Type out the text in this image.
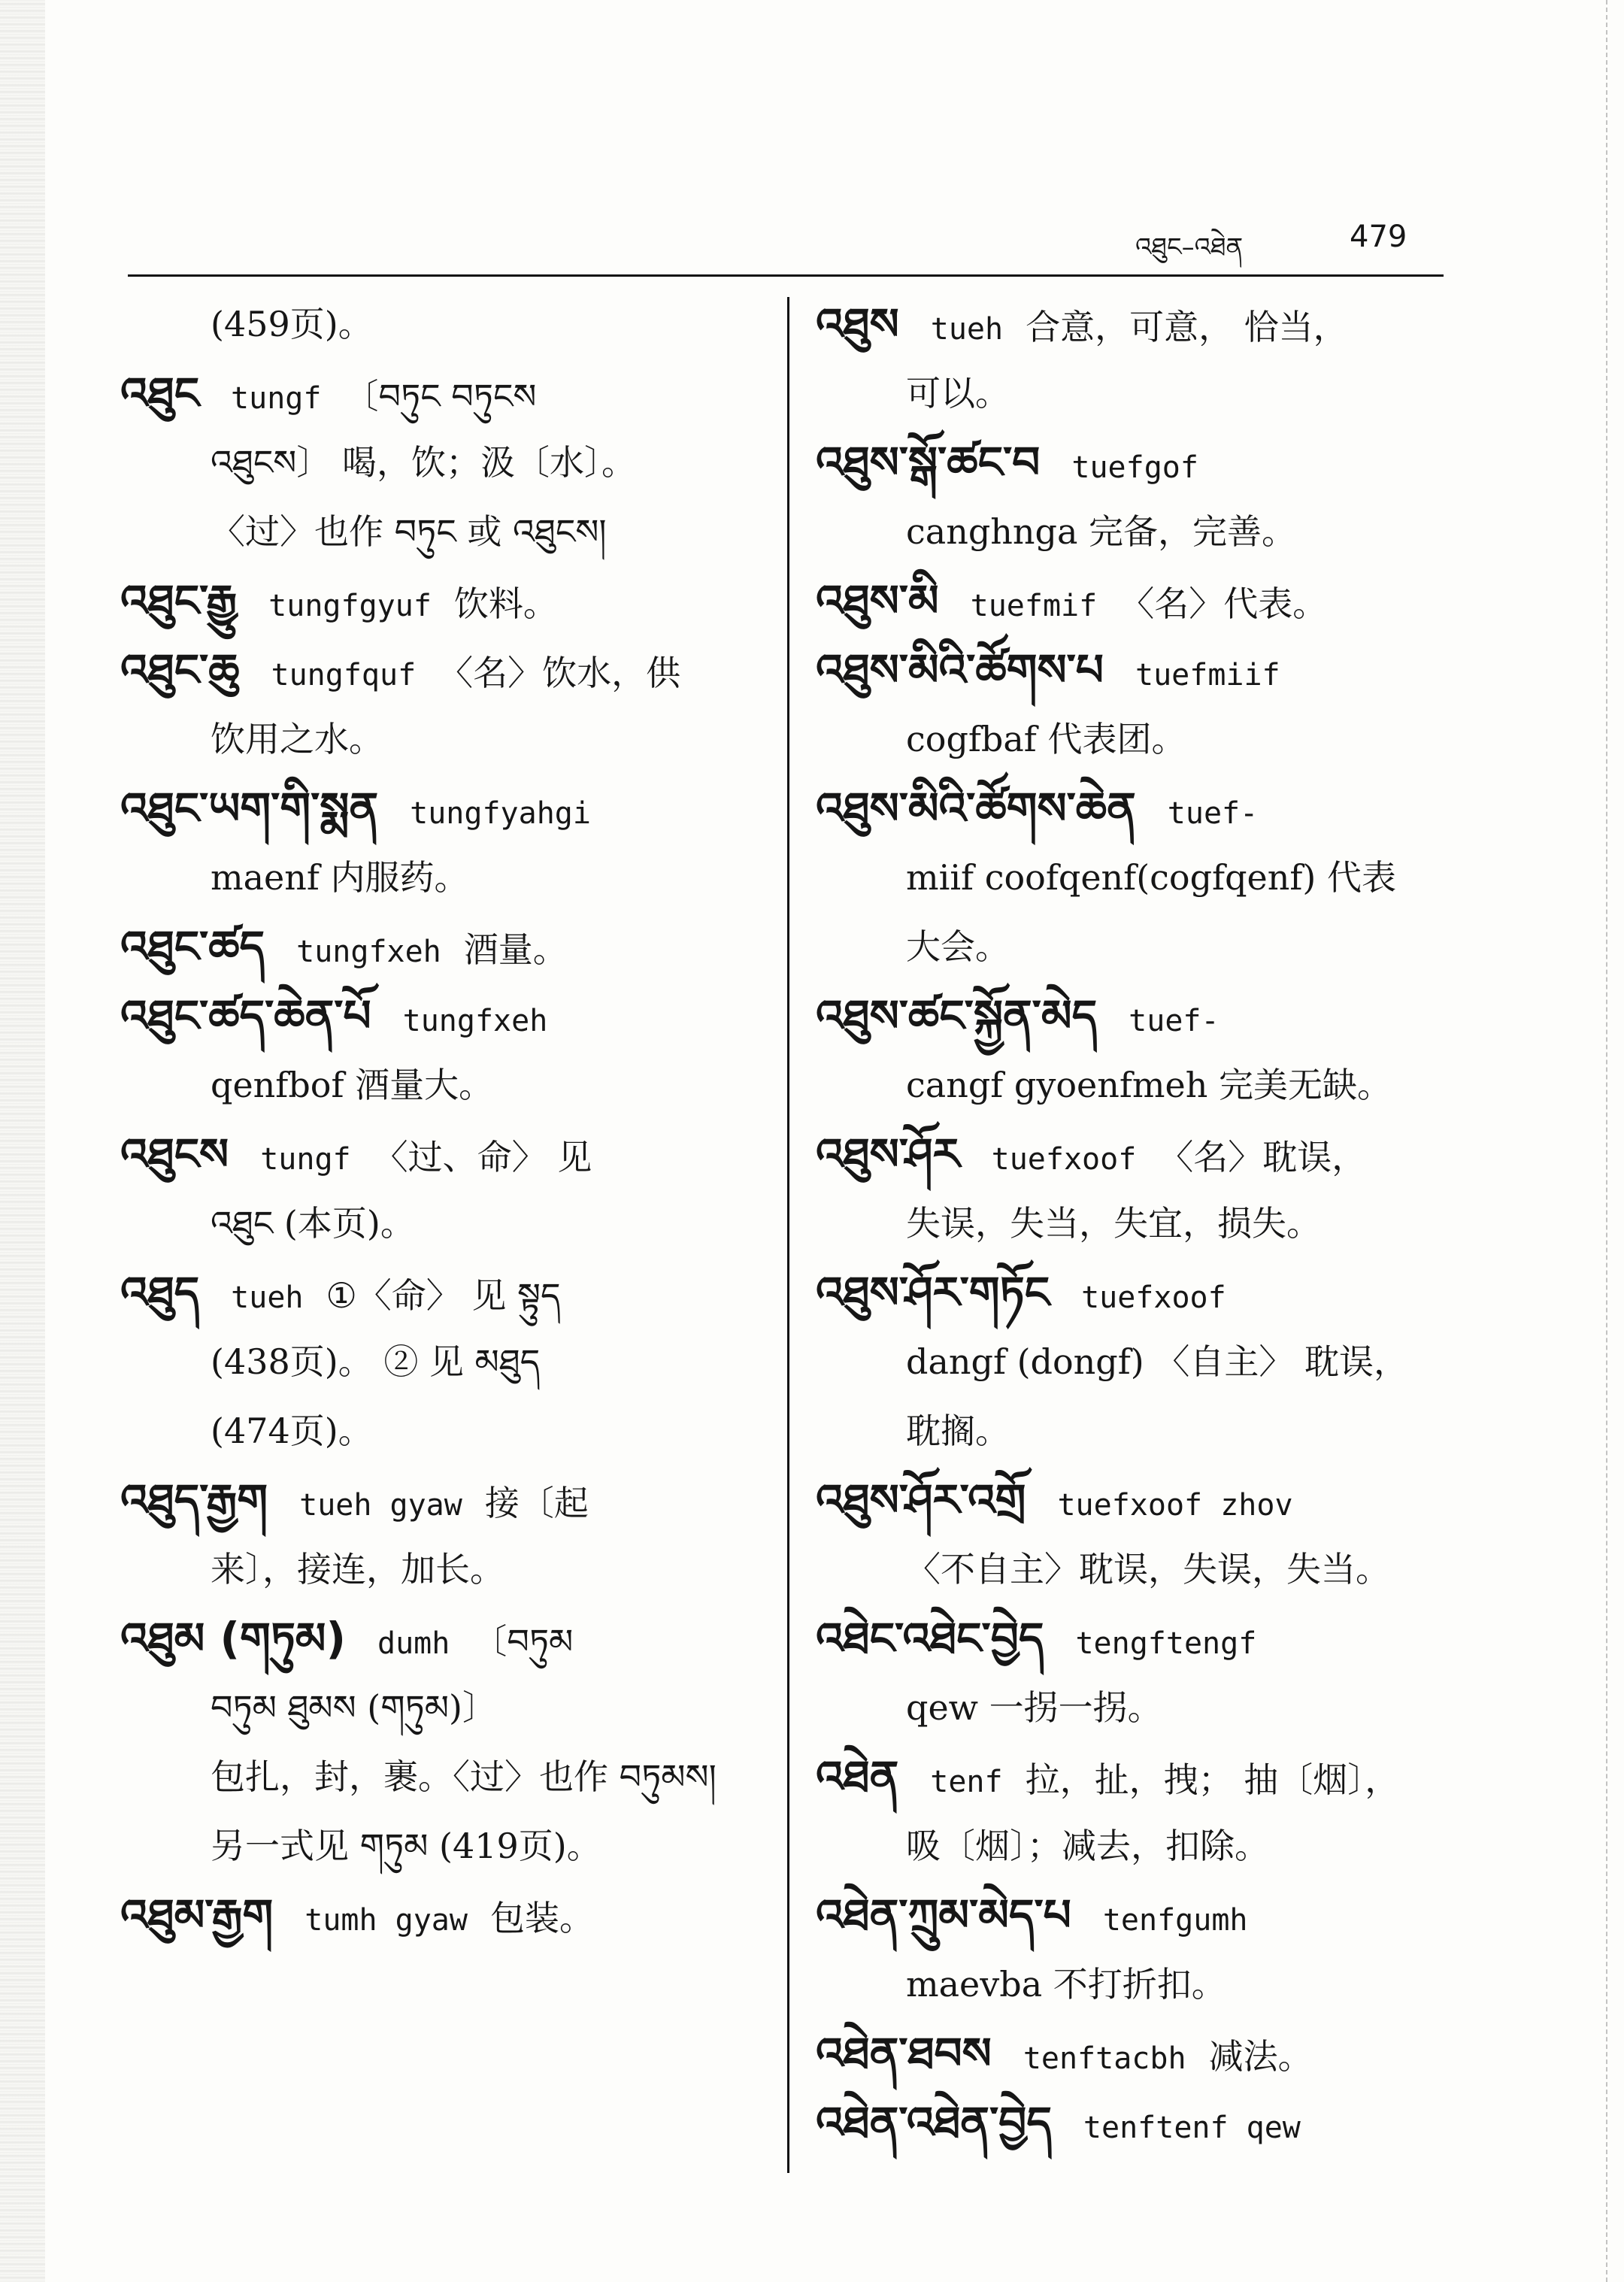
འཐུང–འཐེན	479
(459页)。
འཐུང tungf 〔བཏུང བཏུངས
འཐུངས〕 喝，饮；汲〔水〕。
〈过〉也作 བཏུང 或 འཐུངས།
འཐུང་རྒྱུ tungfgyuf 饮料。
འཐུང་ཆུ tungfquf 〈名〉饮水，供
饮用之水。
འཐུང་ཡག་གི་སྨན tungfyahgi
maenf 内服药。
འཐུང་ཚད tungfxeh 酒量。
འཐུང་ཚད་ཆེན་པོ tungfxeh
qenfbof 酒量大。
འཐུངས tungf 〈过、命〉 见
འཐུང (本页)。
འཐུད tueh ①〈命〉 见 སྟུད
(438页)。 ② 见 མཐུད
(474页)。
འཐུད་རྒྱག tueh gyaw 接〔起
来〕，接连，加长。
འཐུམ (གཏུམ) dumh 〔བཏུམ
བཏུམ ཐུམས (གཏུམ)〕
包扎，封，裹。〈过〉也作 བཏུམས།
另一式见 གཏུམ (419页)。
འཐུམ་རྒྱག tumh gyaw 包装。
འཐུས tueh 合意，可意， 恰当，
可以。
འཐུས་སྒོ་ཚང་བ tuefgof
canghnga 完备，完善。
འཐུས་མི tuefmif 〈名〉代表。
འཐུས་མིའི་ཚོགས་པ tuefmiif
cogfbaf 代表团。
འཐུས་མིའི་ཚོགས་ཆེན tuef-
miif coofqenf(cogfqenf) 代表
大会。
འཐུས་ཚང་སྐྱོན་མེད tuef-
cangf gyoenfmeh 完美无缺。
འཐུས་ཤོར tuefxoof 〈名〉耽误，
失误，失当，失宜，损失。
འཐུས་ཤོར་གཏོང tuefxoof
dangf (dongf) 〈自主〉 耽误，
耽搁。
འཐུས་ཤོར་འགྲོ tuefxoof zhov
〈不自主〉耽误，失误，失当。
འཐེང་འཐེང་བྱེད tengftengf
qew 一拐一拐。
འཐེན tenf 拉，扯，拽； 抽〔烟〕，
吸〔烟〕；减去，扣除。
འཐེན་ཀྲུམ་མེད་པ tenfgumh
maevba 不打折扣。
འཐེན་ཐབས tenftacbh 减法。
འཐེན་འཐེན་བྱེད tenftenf qew
